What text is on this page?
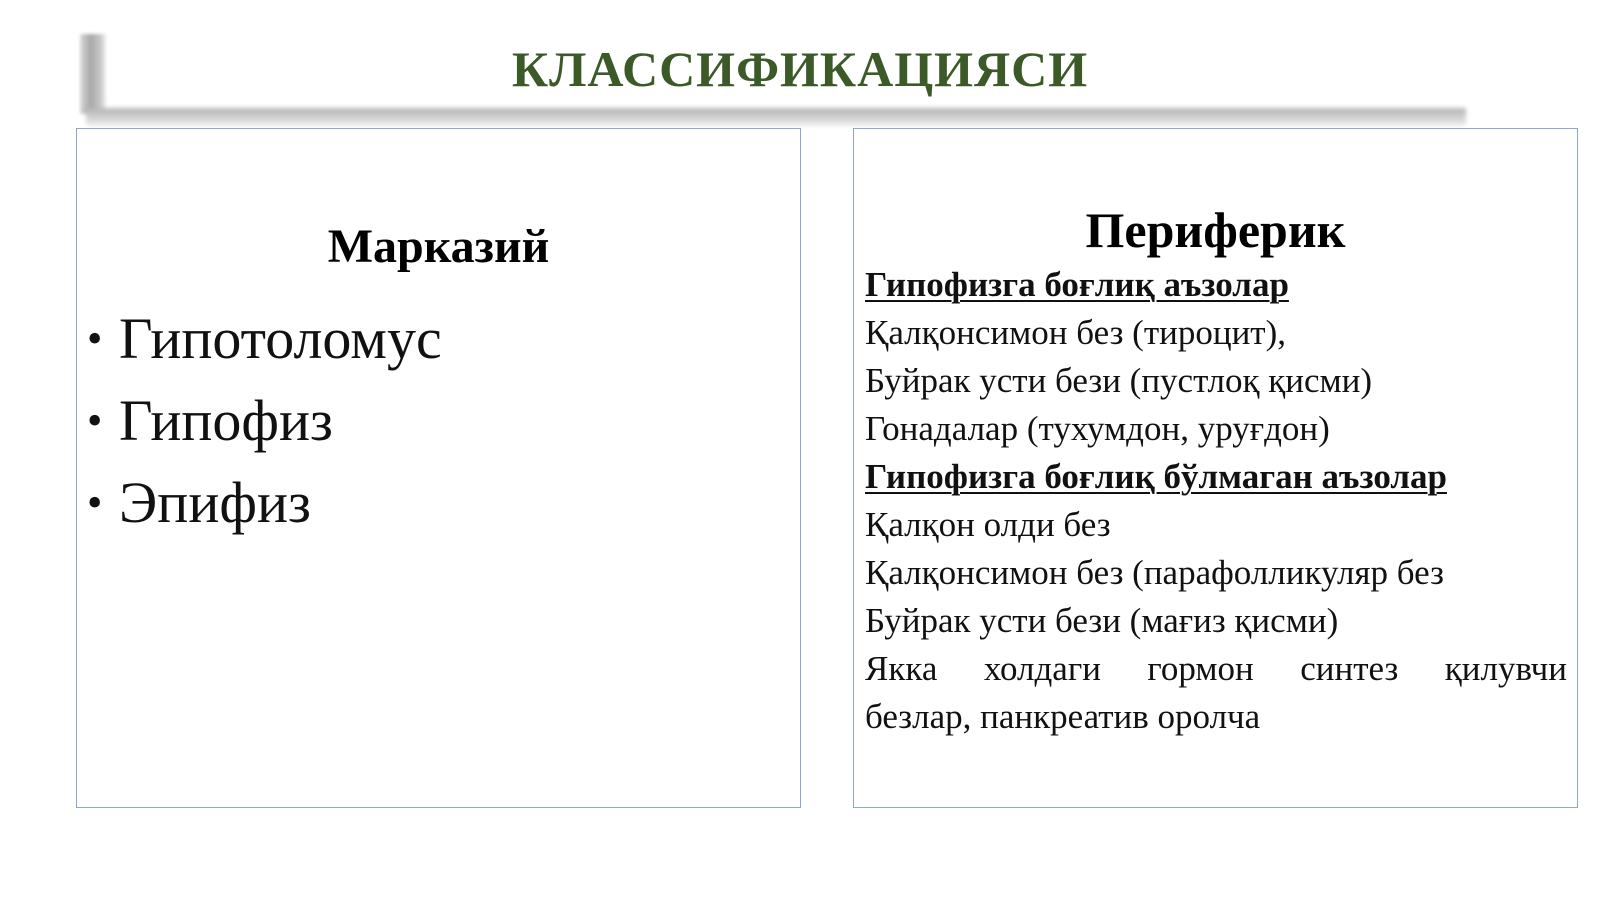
КЛАССИФИКАЦИЯСИ
Марказий
• Гипотоломус
• Гипофиз
• Эпифиз
Периферик
Гипофизга боғлиқ аъзолар
Қалқонсимон без (тироцит),
Буйрак усти бези (пустлоқ қисми)
Гонадалар (тухумдон, уруғдон)
Гипофизга боғлиқ бўлмаган аъзолар
Қалқон олди без
Қалқонсимон без (парафолликуляр без
Буйрак усти бези (мағиз қисми)
Якка холдаги гормон синтез қилувчи
безлар, панкреатив оролча
